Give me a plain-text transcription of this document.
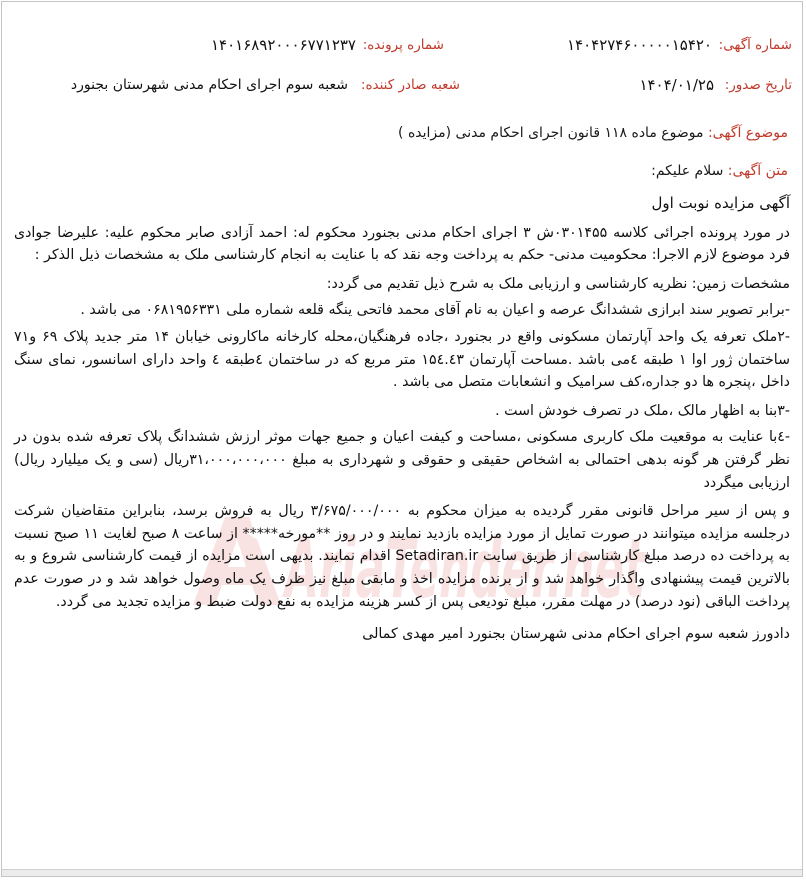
شماره آگهی:
۱۴۰۴۲۷۴۶۰۰۰۰۰۱۵۴۲۰
شماره پرونده:
۱۴۰۱۶۸۹۲۰۰۰۶۷۷۱۲۳۷
تاریخ صدور:
۱۴۰۴/۰۱/۲۵
شعبه صادر کننده:
شعبه سوم اجرای احکام مدنی شهرستان بجنورد
موضوع آگهی: موضوع ماده ۱۱۸ قانون اجرای احکام مدنی (مزایده )
متن آگهی: سلام علیکم:

آگهی مزایده نوبت اول

در مورد پرونده اجرائی کلاسه ۰۳۰۱۴۵۵ش ۳ اجرای احکام مدنی بجنورد محکوم له: احمد آزادی صابر محکوم علیه: علیرضا جوادی فرد موضوع لازم الاجرا: محکومیت مدنی- حکم به پرداخت وجه نقد که با عنایت به انجام کارشناسی ملک به مشخصات ذیل الذکر :

مشخصات زمین: نظریه کارشناسی و ارزیابی ملک به شرح ذیل تقدیم می گردد:

-برابر تصویر سند ابرازی ششدانگ عرصه و اعیان به نام آقای محمد فاتحی ینگه قلعه شماره ملی ۰۶۸۱۹۵۶۳۳۱ می باشد .

-۲ملک تعرفه یک واحد آپارتمان مسکونی واقع در بجنورد ،جاده فرهنگیان،محله کارخانه ماکارونی خیابان ۱۴ متر جدید پلاک ۶۹ و۷۱ ساختمان ژور اوا ۱ طبقه ٤می باشد .مساحت آپارتمان ۱۵٤.٤۳ متر مربع که در ساختمان ٤طبقه ٤ واحد دارای اسانسور، نمای سنگ داخل ،پنجره ها دو جداره،کف سرامیک و انشعابات متصل می باشد .

-۳بنا به اظهار مالک ،ملک در تصرف خودش است .

-٤با عنایت به موقعیت ملک کاربری مسکونی ،مساحت و کیفت اعیان و جمیع جهات موثر ارزش ششدانگ پلاک تعرفه شده بدون در نظر گرفتن هر گونه بدهی احتمالی به اشخاص حقیقی و حقوقی و شهرداری به مبلغ ۳۱،۰۰۰،۰۰۰،۰۰۰ریال (سی و یک میلیارد ریال) ارزیابی میگردد

و پس از سیر مراحل قانونی مقرر گردیده به میزان محکوم به ۳/۶۷۵/۰۰۰/۰۰۰ ریال به فروش برسد، بنابراین متقاضیان شرکت درجلسه مزایده میتوانند در صورت تمایل از مورد مزایده بازدید نمایند و در روز **مورخه***** از ساعت ۸ صبح لغایت ۱۱ صبح نسبت به پرداخت ده درصد مبلغ کارشناسی از طریق سایت Setadiran.ir اقدام نمایند. بدیهی است مزایده از قیمت کارشناسی شروع و به بالاترین قیمت پیشنهادی واگذار خواهد شد و از برنده مزایده اخذ و مابقی مبلغ نیز ظرف یک ماه وصول خواهد شد و در صورت عدم پرداخت الباقی (نود درصد) در مهلت مقرر، مبلغ تودیعی پس از کسر هزینه مزایده به نفع دولت ضبط و مزایده تجدید می گردد.

دادورز شعبه سوم اجرای احکام مدنی شهرستان بجنورد امیر مهدی کمالی
